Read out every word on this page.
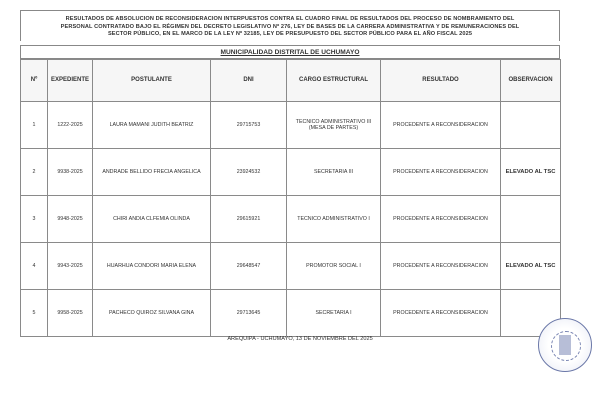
RESULTADOS DE ABSOLUCION DE RECONSIDERACION INTERPUESTOS CONTRA EL CUADRO FINAL DE RESULTADOS DEL PROCESO DE NOMBRAMIENTO DEL
PERSONAL CONTRATADO BAJO EL RÉGIMEN DEL DECRETO LEGISLATIVO Nº 276, LEY DE BASES DE LA CARRERA ADMINISTRATIVA Y DE REMUNERACIONES DEL
SECTOR PÚBLICO, EN EL MARCO DE LA LEY Nº 32185, LEY DE PRESUPUESTO DEL SECTOR PÚBLICO PARA EL AÑO FISCAL 2025
MUNICIPALIDAD DISTRITAL DE UCHUMAYO
Nº	EXPEDIENTE	POSTULANTE	DNI	CARGO ESTRUCTURAL	RESULTADO	OBSERVACION
1	1222-2025	LAURA MAMANI JUDITH BEATRIZ	29715753	TECNICO ADMINISTRATIVO III (MESA DE PARTES)	PROCEDENTE A RECONSIDERACION	
2	9938-2025	ANDRADE BELLIDO FRECIA ANGELICA	23924532	SECRETARIA III	PROCEDENTE A RECONSIDERACION	ELEVADO AL TSC
3	9948-2025	CHIRI ANDIA CLFEMIA OLINDA	29615921	TECNICO ADMINISTRATIVO I	PROCEDENTE A RECONSIDERACION	
4	9943-2025	HUARHUA CONDORI MARIA ELENA	29648547	PROMOTOR SOCIAL I	PROCEDENTE A RECONSIDERACION	ELEVADO AL TSC
5	9958-2025	PACHECO QUIROZ SILVANA GINA	29713645	SECRETARIA I	PROCEDENTE A RECONSIDERACION	
AREQUIPA - UCHUMAYO, 13 DE NOVIEMBRE DEL 2025
